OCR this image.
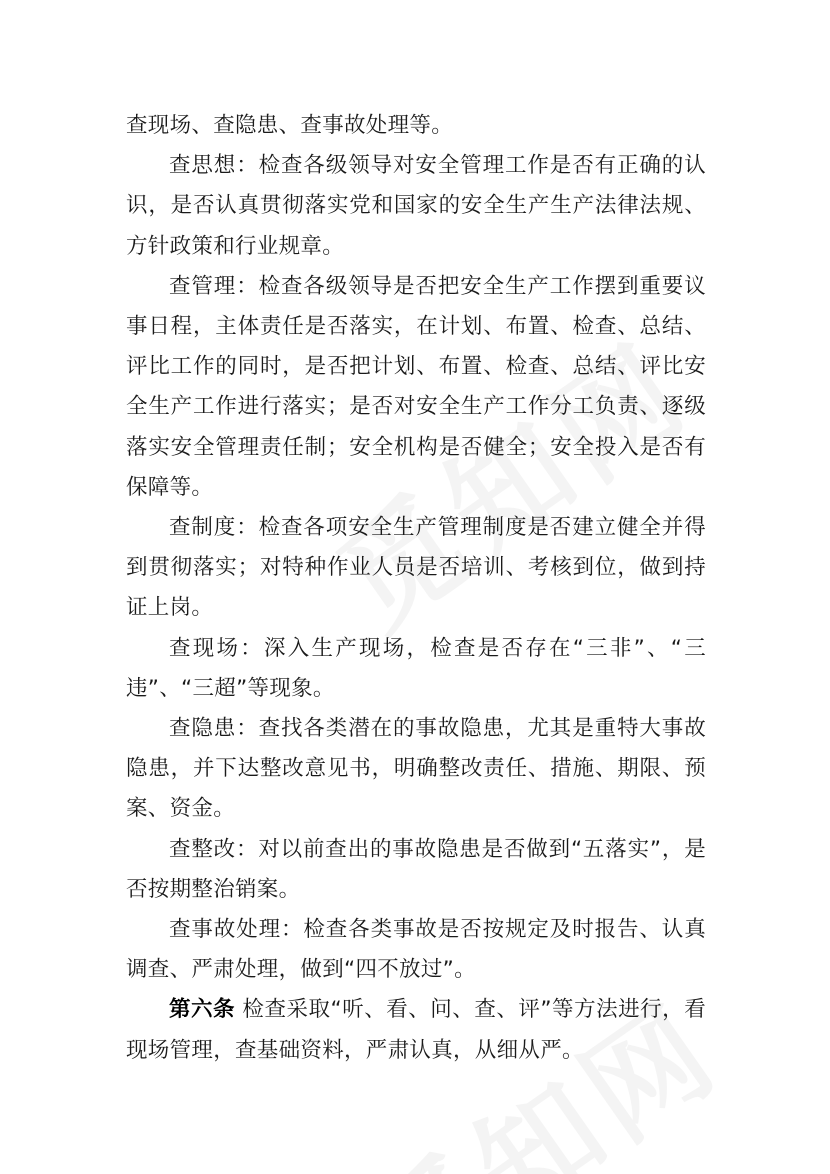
查现场、查隐患、查事故处理等。

查思想：检查各级领导对安全管理工作是否有正确的认识，是否认真贯彻落实党和国家的安全生产生产法律法规、方针政策和行业规章。

查管理：检查各级领导是否把安全生产工作摆到重要议事日程，主体责任是否落实，在计划、布置、检查、总结、评比工作的同时，是否把计划、布置、检查、总结、评比安全生产工作进行落实；是否对安全生产工作分工负责、逐级落实安全管理责任制；安全机构是否健全；安全投入是否有保障等。

查制度：检查各项安全生产管理制度是否建立健全并得到贯彻落实；对特种作业人员是否培训、考核到位，做到持证上岗。

查现场：深入生产现场，检查是否存在“三非”、“三违”、“三超”等现象。

查隐患：查找各类潜在的事故隐患，尤其是重特大事故隐患，并下达整改意见书，明确整改责任、措施、期限、预案、资金。

查整改：对以前查出的事故隐患是否做到“五落实”，是否按期整治销案。

查事故处理：检查各类事故是否按规定及时报告、认真调查、严肃处理，做到“四不放过”。

第六条 检查采取“听、看、问、查、评”等方法进行，看现场管理，查基础资料，严肃认真，从细从严。
